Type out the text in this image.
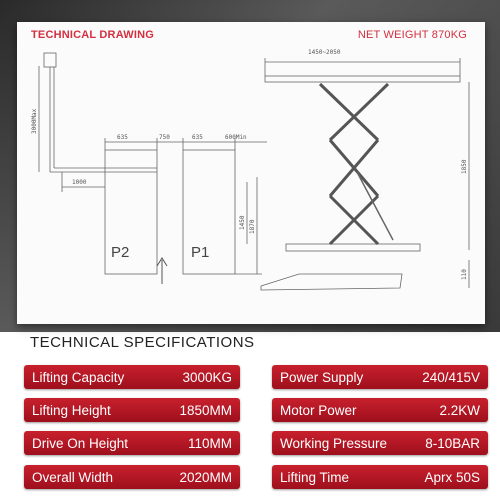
TECHNICAL DRAWING	NET WEIGHT 870KG
1450~2050
635	750	635	600Min
1000
3000Max
1450 1870
1850
110
P2	P1
TECHNICAL SPECIFICATIONS
Lifting Capacity	3000KG
Lifting Height	1850MM
Drive On Height	110MM
Overall Width	2020MM
Power Supply	240/415V
Motor Power	2.2KW
Working Pressure	8-10BAR
Lifting Time	Aprx 50S
